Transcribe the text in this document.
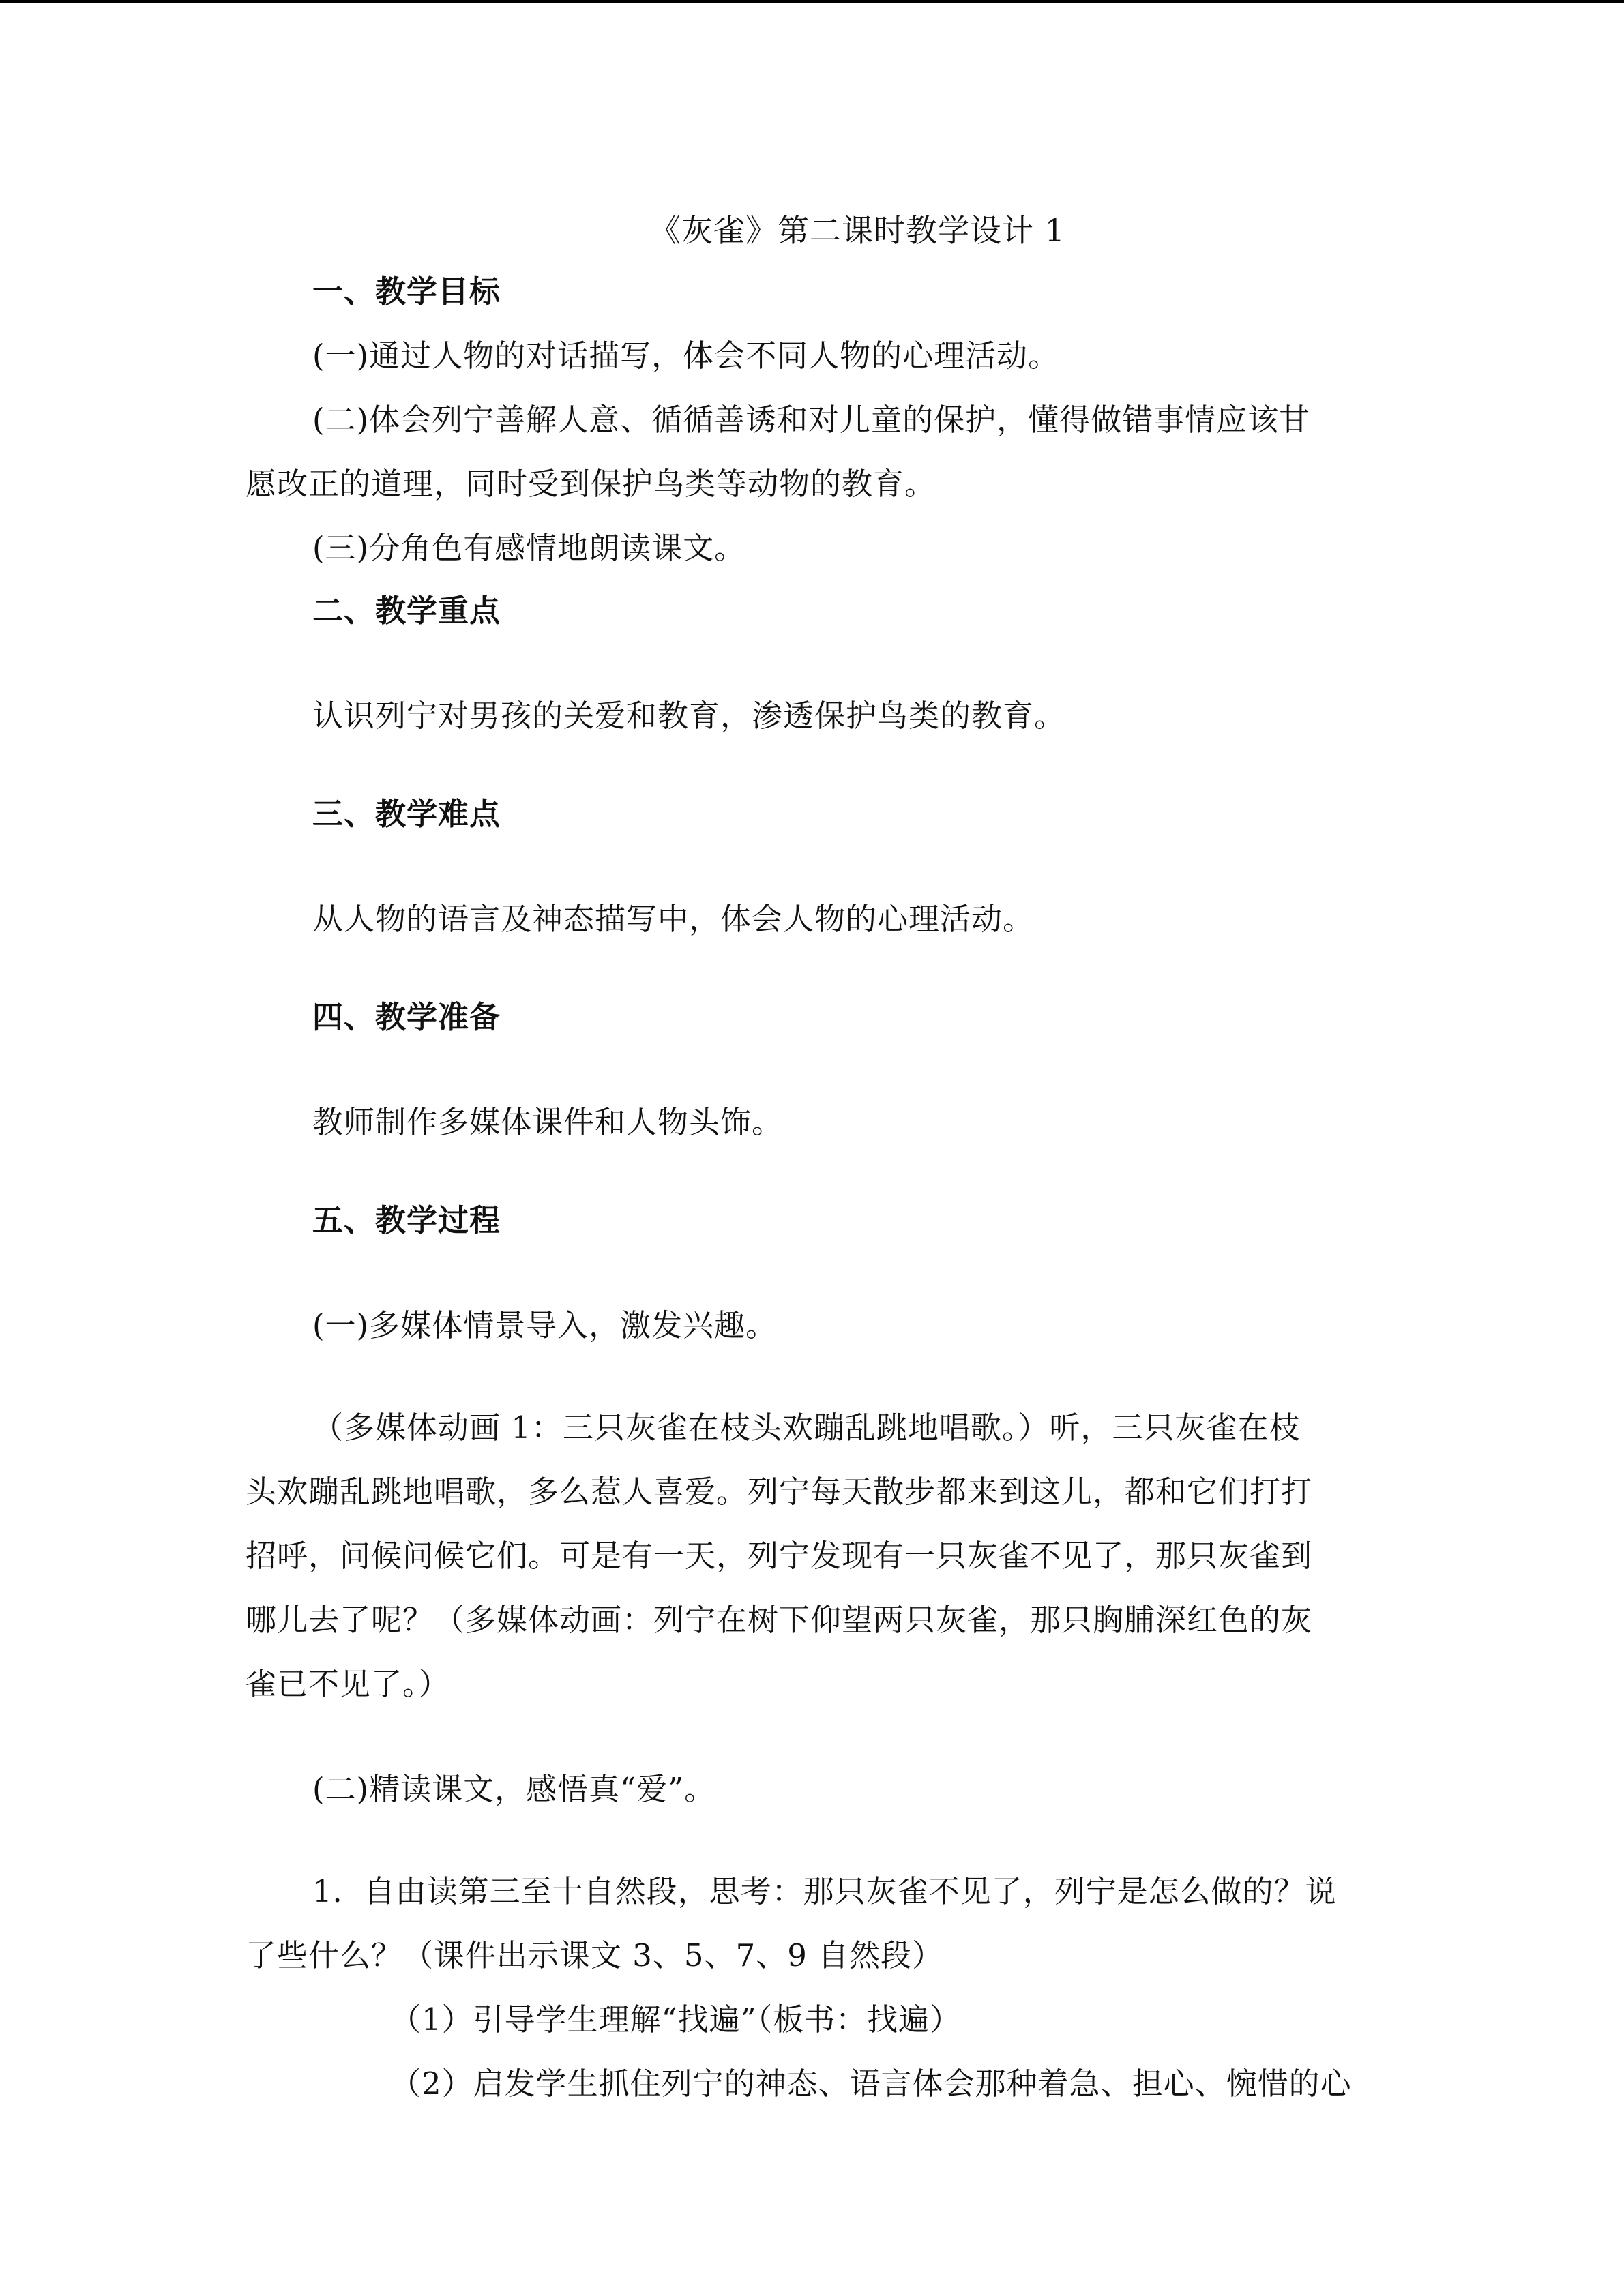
《灰雀》第二课时教学设计 1

一、教学目标

(一)通过人物的对话描写，体会不同人物的心理活动。

(二)体会列宁善解人意、循循善诱和对儿童的保护，懂得做错事情应该甘

愿改正的道理，同时受到保护鸟类等动物的教育。

(三)分角色有感情地朗读课文。

二、教学重点

认识列宁对男孩的关爱和教育，渗透保护鸟类的教育。

三、教学难点

从人物的语言及神态描写中，体会人物的心理活动。

四、教学准备

教师制作多媒体课件和人物头饰。

五、教学过程

(一)多媒体情景导入，激发兴趣。

（多媒体动画 1：三只灰雀在枝头欢蹦乱跳地唱歌。）听，三只灰雀在枝

头欢蹦乱跳地唱歌，多么惹人喜爱。列宁每天散步都来到这儿，都和它们打打

招呼，问候问候它们。可是有一天，列宁发现有一只灰雀不见了，那只灰雀到

哪儿去了呢？（多媒体动画：列宁在树下仰望两只灰雀，那只胸脯深红色的灰

雀已不见了。）

(二)精读课文，感悟真“爱”。

1．自由读第三至十自然段，思考：那只灰雀不见了，列宁是怎么做的？说

了些什么？（课件出示课文 3、5、7、9 自然段）

（1）引导学生理解“找遍”（板书：找遍）

（2）启发学生抓住列宁的神态、语言体会那种着急、担心、惋惜的心
